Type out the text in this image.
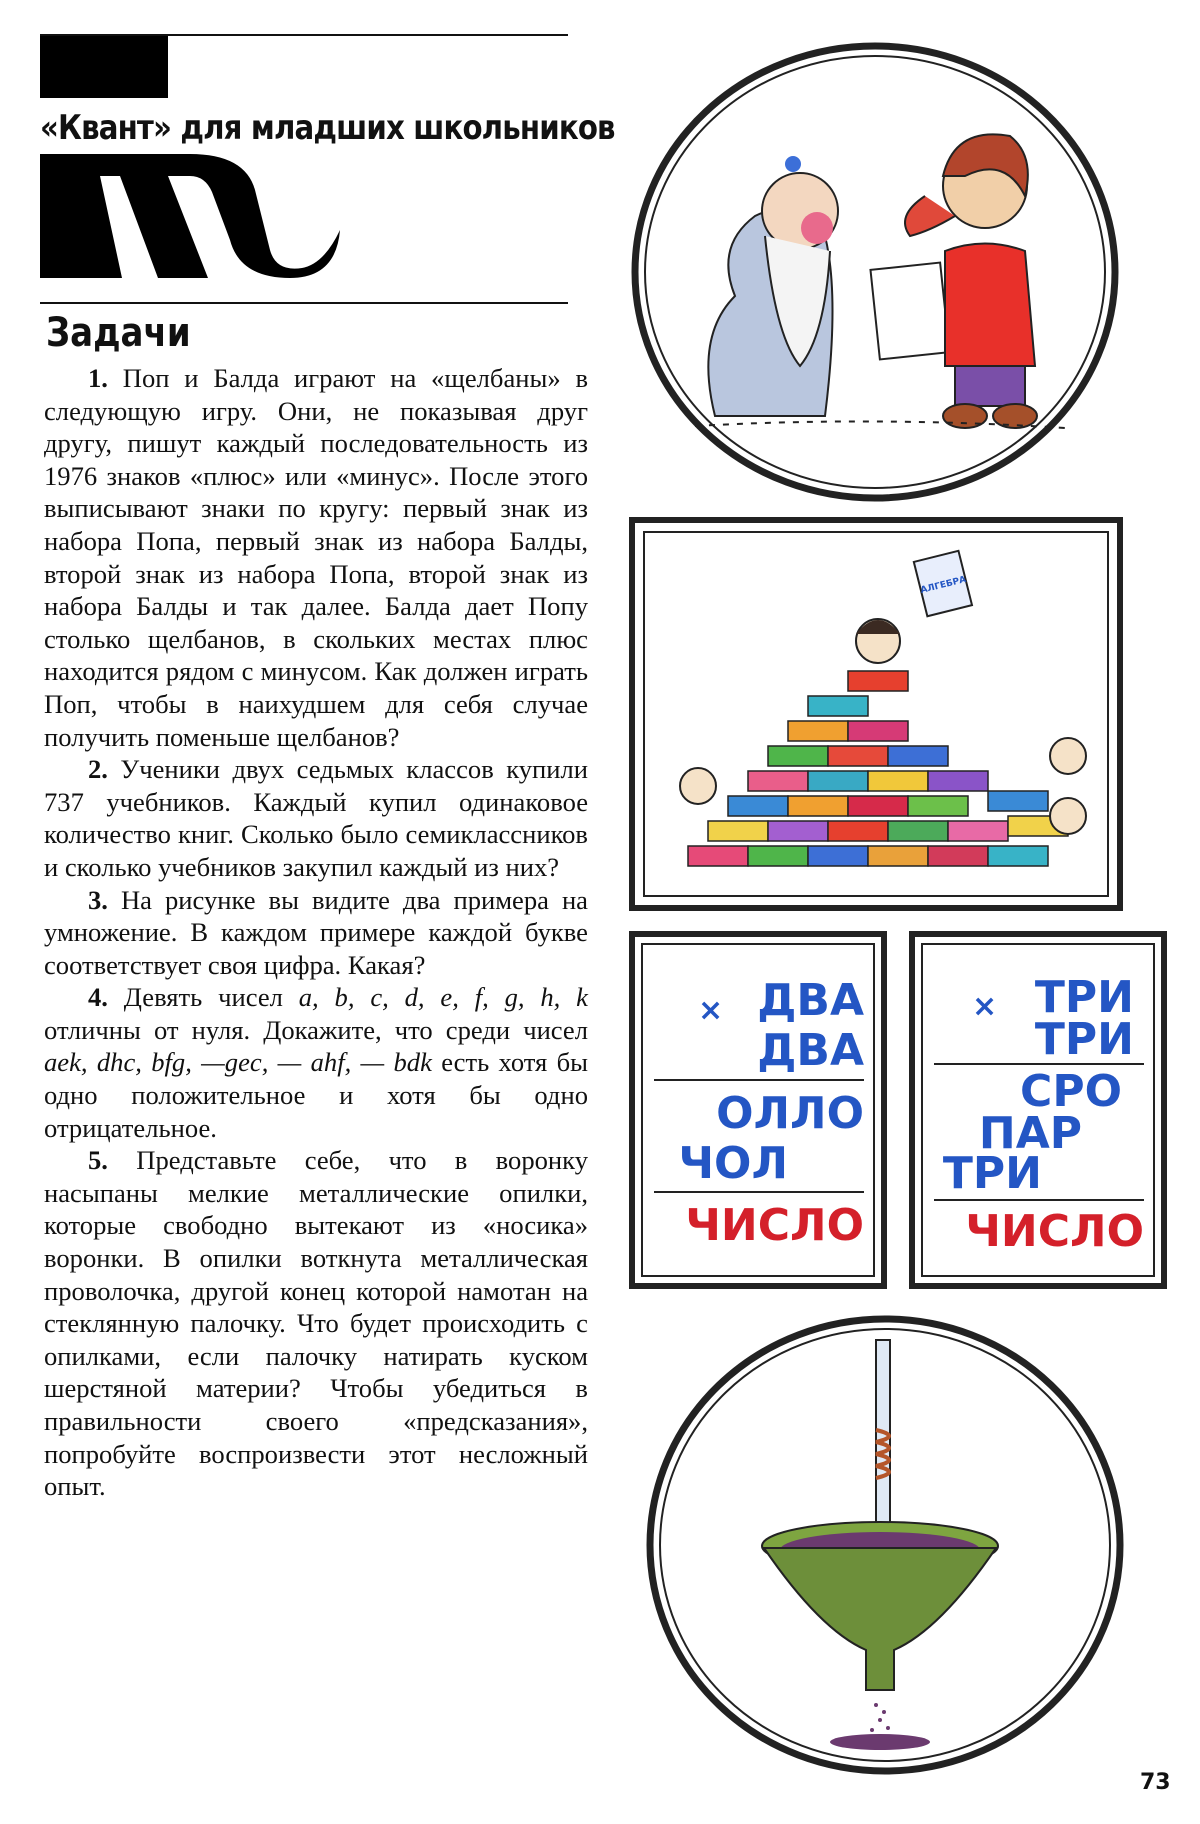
«Квант» для младших школьников
Задачи

1. Поп и Балда играют на «щелбаны» в следующую игру. Они, не показывая друг другу, пишут каждый последовательность из 1976 знаков «плюс» или «минус». После этого выписывают знаки по кругу: первый знак из набора Попа, первый знак из набора Балды, второй знак из набора Попа, второй знак из набора Балды и так далее. Балда дает Попу столько щелбанов, в скольких местах плюс находится рядом с минусом. Как должен играть Поп, чтобы в наихудшем для себя случае получить поменьше щелбанов?

2. Ученики двух седьмых классов купили 737 учебников. Каждый купил одинаковое количество книг. Сколько было семиклассников и сколько учебников закупил каждый из них?

3. На рисунке вы видите два примера на умножение. В каждом примере каждой букве соответствует своя цифра. Какая?

4. Девять чисел a, b, c, d, e, f, g, h, k отличны от нуля. Докажите, что среди чисел aek, dhc, bfg, —gec, — ahf, — bdk есть хотя бы одно положительное и хотя бы одно отрицательное.

5. Представьте себе, что в воронку насыпаны мелкие металлические опилки, которые свободно вытекают из «носика» воронки. В опилки воткнута металлическая проволочка, другой конец которой намотан на стеклянную палочку. Что будет происходить с опилками, если палочку натирать куском шерстяной материи? Чтобы убедиться в правильности своего «предсказания», попробуйте воспроизвести этот несложный опыт.

АЛГЕБРА
× ДВА
ДВА
ОЛЛО
ЧОЛ
ЧИСЛО
× ТРИ
ТРИ
СРО
ПАР
ТРИ
ЧИСЛО
73
